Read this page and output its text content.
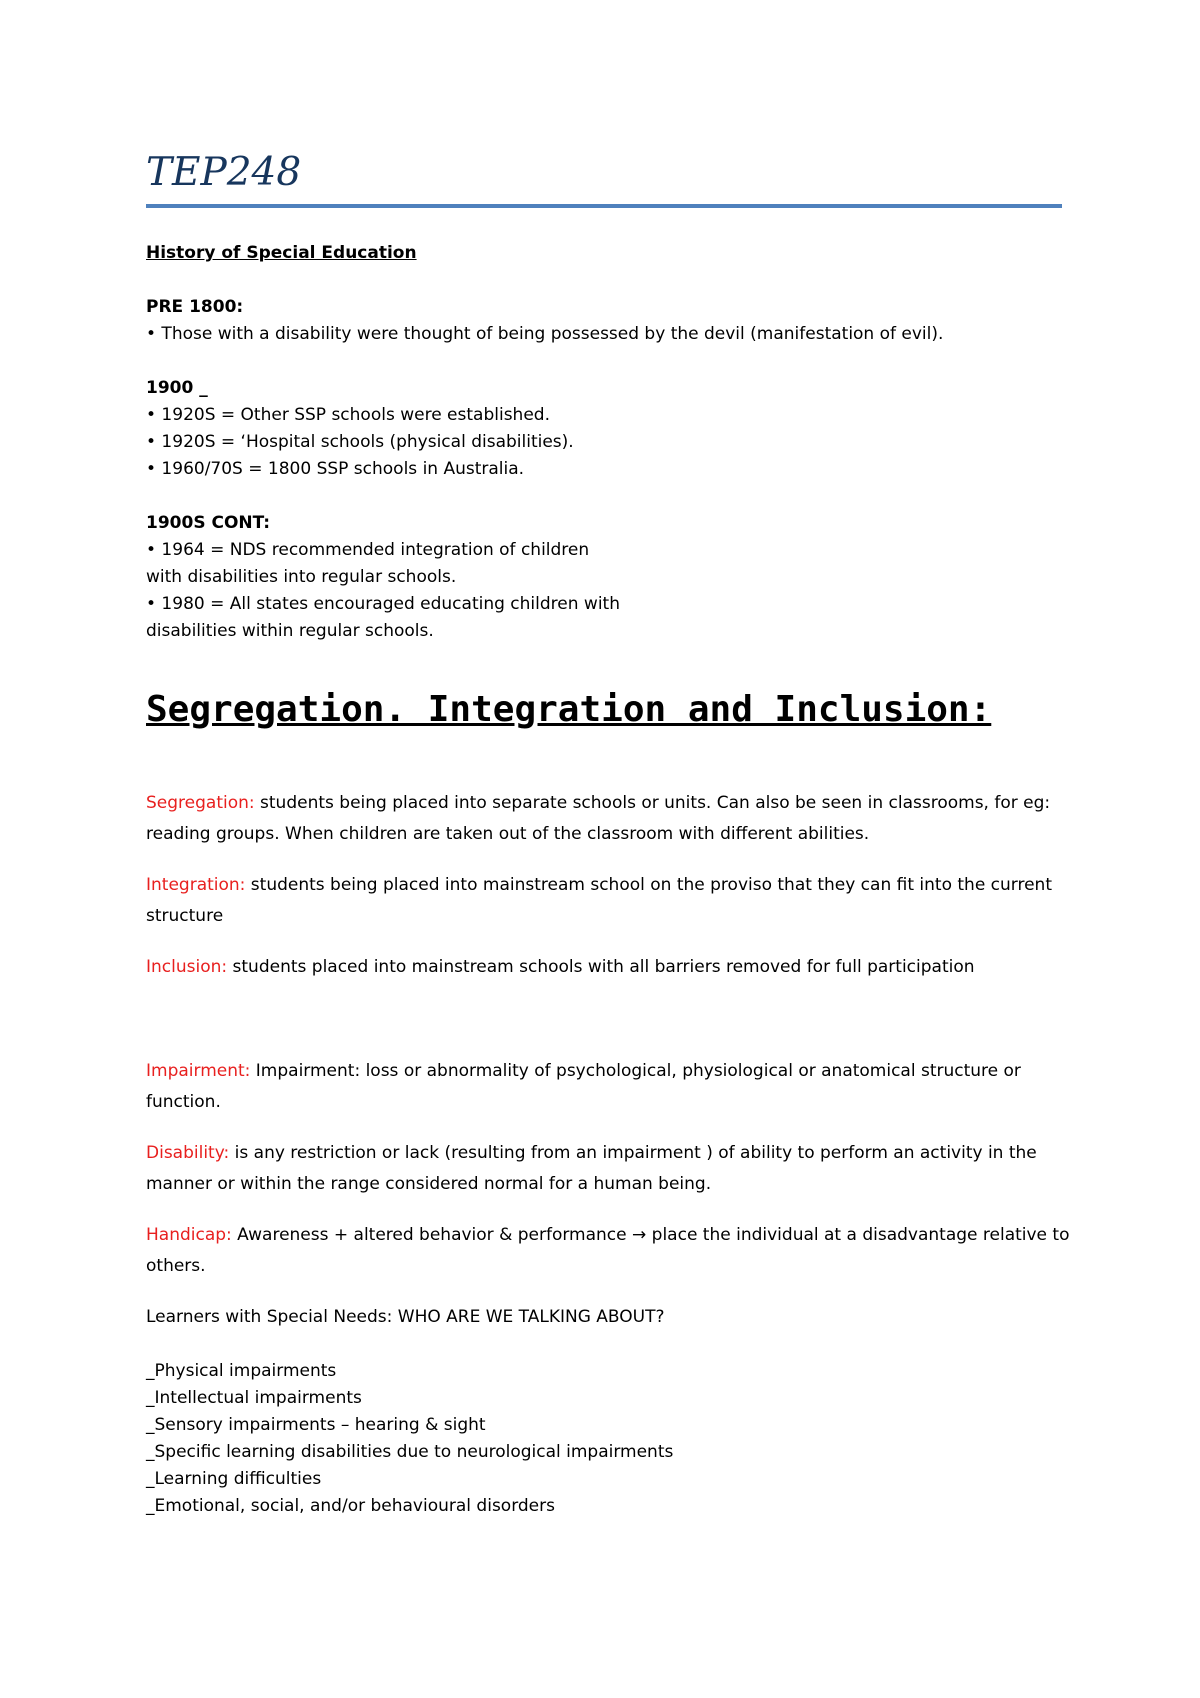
TEP248

History of Special Education

PRE 1800:

• Those with a disability were thought of being possessed by the devil (manifestation of evil).

1900 _

• 1920S = Other SSP schools were established.

• 1920S = ‘Hospital schools (physical disabilities).

• 1960/70S = 1800 SSP schools in Australia.

1900S CONT:

• 1964 = NDS recommended integration of children

with disabilities into regular schools.

• 1980 = All states encouraged educating children with

disabilities within regular schools.

Segregation. Integration and Inclusion:

Segregation: students being placed into separate schools or units. Can also be seen in classrooms, for eg: reading groups. When children are taken out of the classroom with different abilities.

Integration: students being placed into mainstream school on the proviso that they can fit into the current structure

Inclusion: students placed into mainstream schools with all barriers removed for full participation

Impairment: Impairment: loss or abnormality of psychological, physiological or anatomical structure or function.

Disability: is any restriction or lack (resulting from an impairment ) of ability to perform an activity in the manner or within the range considered normal for a human being.

Handicap: Awareness + altered behavior & performance → place the individual at a disadvantage relative to others.

Learners with Special Needs: WHO ARE WE TALKING ABOUT?

_Physical impairments

_Intellectual impairments

_Sensory impairments – hearing & sight

_Specific learning disabilities due to neurological impairments

_Learning difficulties

_Emotional, social, and/or behavioural disorders
